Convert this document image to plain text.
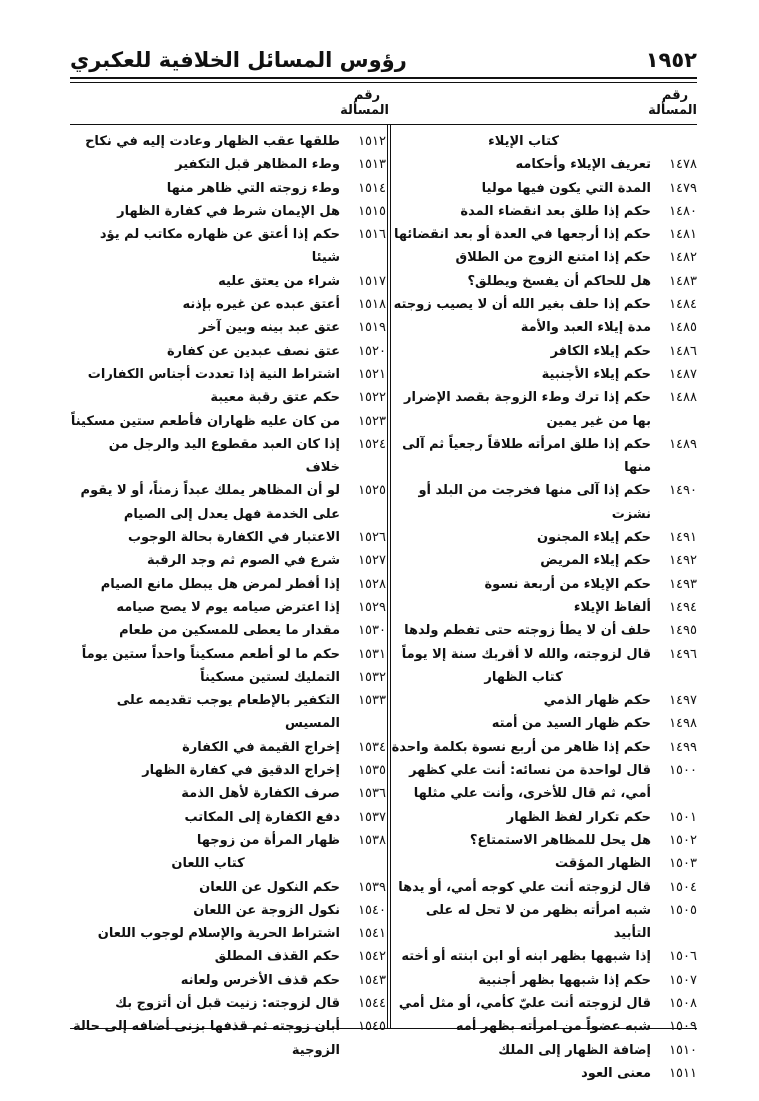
١٩٥٢
رؤوس المسائل الخلافية للعكبري
رقم
المسألة
رقم
المسألة
كتاب الإيلاء
١٤٧٨
تعريف الإيلاء وأحكامه
١٤٧٩
المدة التي يكون فيها موليا
١٤٨٠
حكم إذا طلق بعد انقضاء المدة
١٤٨١
حكم إذا أرجعها في العدة أو بعد انقضائها
١٤٨٢
حكم إذا امتنع الزوج من الطلاق
١٤٨٣
هل للحاكم أن يفسخ ويطلق؟
١٤٨٤
حكم إذا حلف بغير الله أن لا يصيب زوجته
١٤٨٥
مدة إيلاء العبد والأمة
١٤٨٦
حكم إيلاء الكافر
١٤٨٧
حكم إيلاء الأجنبية
١٤٨٨
حكم إذا ترك وطء الزوجة بقصد الإضرار بها من غير يمين
١٤٨٩
حكم إذا طلق امرأته طلاقاً رجعياً ثم آلى منها
١٤٩٠
حكم إذا آلى منها فخرجت من البلد أو نشزت
١٤٩١
حكم إيلاء المجنون
١٤٩٢
حكم إيلاء المريض
١٤٩٣
حكم الإيلاء من أربعة نسوة
١٤٩٤
ألفاظ الإيلاء
١٤٩٥
حلف أن لا يطأ زوجته حتى تفطم ولدها
١٤٩٦
قال لزوجته، والله لا أقربك سنة إلا يوماً
كتاب الظهار
١٤٩٧
حكم ظهار الذمي
١٤٩٨
حكم ظهار السيد من أمته
١٤٩٩
حكم إذا ظاهر من أربع نسوة بكلمة واحدة
١٥٠٠
قال لواحدة من نسائه: أنت علي كظهر أمي، ثم قال للأخرى، وأنت علي مثلها
١٥٠١
حكم تكرار لفظ الظهار
١٥٠٢
هل يحل للمظاهر الاستمتاع؟
١٥٠٣
الظهار المؤقت
١٥٠٤
قال لزوجته أنت علي كوجه أمي، أو يدها
١٥٠٥
شبه امرأته بظهر من لا تحل له على التأبيد
١٥٠٦
إذا شبهها بظهر ابنه أو ابن ابنته أو أخته
١٥٠٧
حكم إذا شبهها بظهر أجنبية
١٥٠٨
قال لزوجته أنت عليّ كأمي، أو مثل أمي
١٥٠٩
شبه عضواً من امرأته بظهر أمه
١٥١٠
إضافة الظهار إلى الملك
١٥١١
معنى العود
١٥١٢
طلقها عقب الظهار وعادت إليه في نكاح
١٥١٣
وطء المظاهر قبل التكفير
١٥١٤
وطء زوجته التي ظاهر منها
١٥١٥
هل الإيمان شرط في كفارة الظهار
١٥١٦
حكم إذا أعتق عن ظهاره مكاتب لم يؤد شيئا
١٥١٧
شراء من يعتق عليه
١٥١٨
أعتق عبده عن غيره بإذنه
١٥١٩
عتق عبد بينه وبين آخر
١٥٢٠
عتق نصف عبدين عن كفارة
١٥٢١
اشتراط النية إذا تعددت أجناس الكفارات
١٥٢٢
حكم عتق رقبة معيبة
١٥٢٣
من كان عليه ظهاران فأطعم ستين مسكيناً
١٥٢٤
إذا كان العبد مقطوع اليد والرجل من خلاف
١٥٢٥
لو أن المظاهر يملك عبداً زمناً، أو لا يقوم على الخدمة فهل يعدل إلى الصيام
١٥٢٦
الاعتبار في الكفارة بحالة الوجوب
١٥٢٧
شرع في الصوم ثم وجد الرقبة
١٥٢٨
إذا أفطر لمرض هل يبطل مانع الصيام
١٥٢٩
إذا اعترض صيامه يوم لا يصح صيامه
١٥٣٠
مقدار ما يعطى للمسكين من طعام
١٥٣١
حكم ما لو أطعم مسكيناً واحداً ستين يوماً
١٥٣٢
التمليك لستين مسكيناً
١٥٣٣
التكفير بالإطعام يوجب تقديمه على المسيس
١٥٣٤
إخراج القيمة في الكفارة
١٥٣٥
إخراج الدقيق في كفارة الظهار
١٥٣٦
صرف الكفارة لأهل الذمة
١٥٣٧
دفع الكفارة إلى المكاتب
١٥٣٨
ظهار المرأة من زوجها
كتاب اللعان
١٥٣٩
حكم النكول عن اللعان
١٥٤٠
نكول الزوجة عن اللعان
١٥٤١
اشتراط الحرية والإسلام لوجوب اللعان
١٥٤٢
حكم القذف المطلق
١٥٤٣
حكم قذف الأخرس ولعانه
١٥٤٤
قال لزوجته: زنيت قبل أن أتزوج بك
١٥٤٥
أبان زوجته ثم قذفها بزنى أضافه إلى حالة الزوجية
